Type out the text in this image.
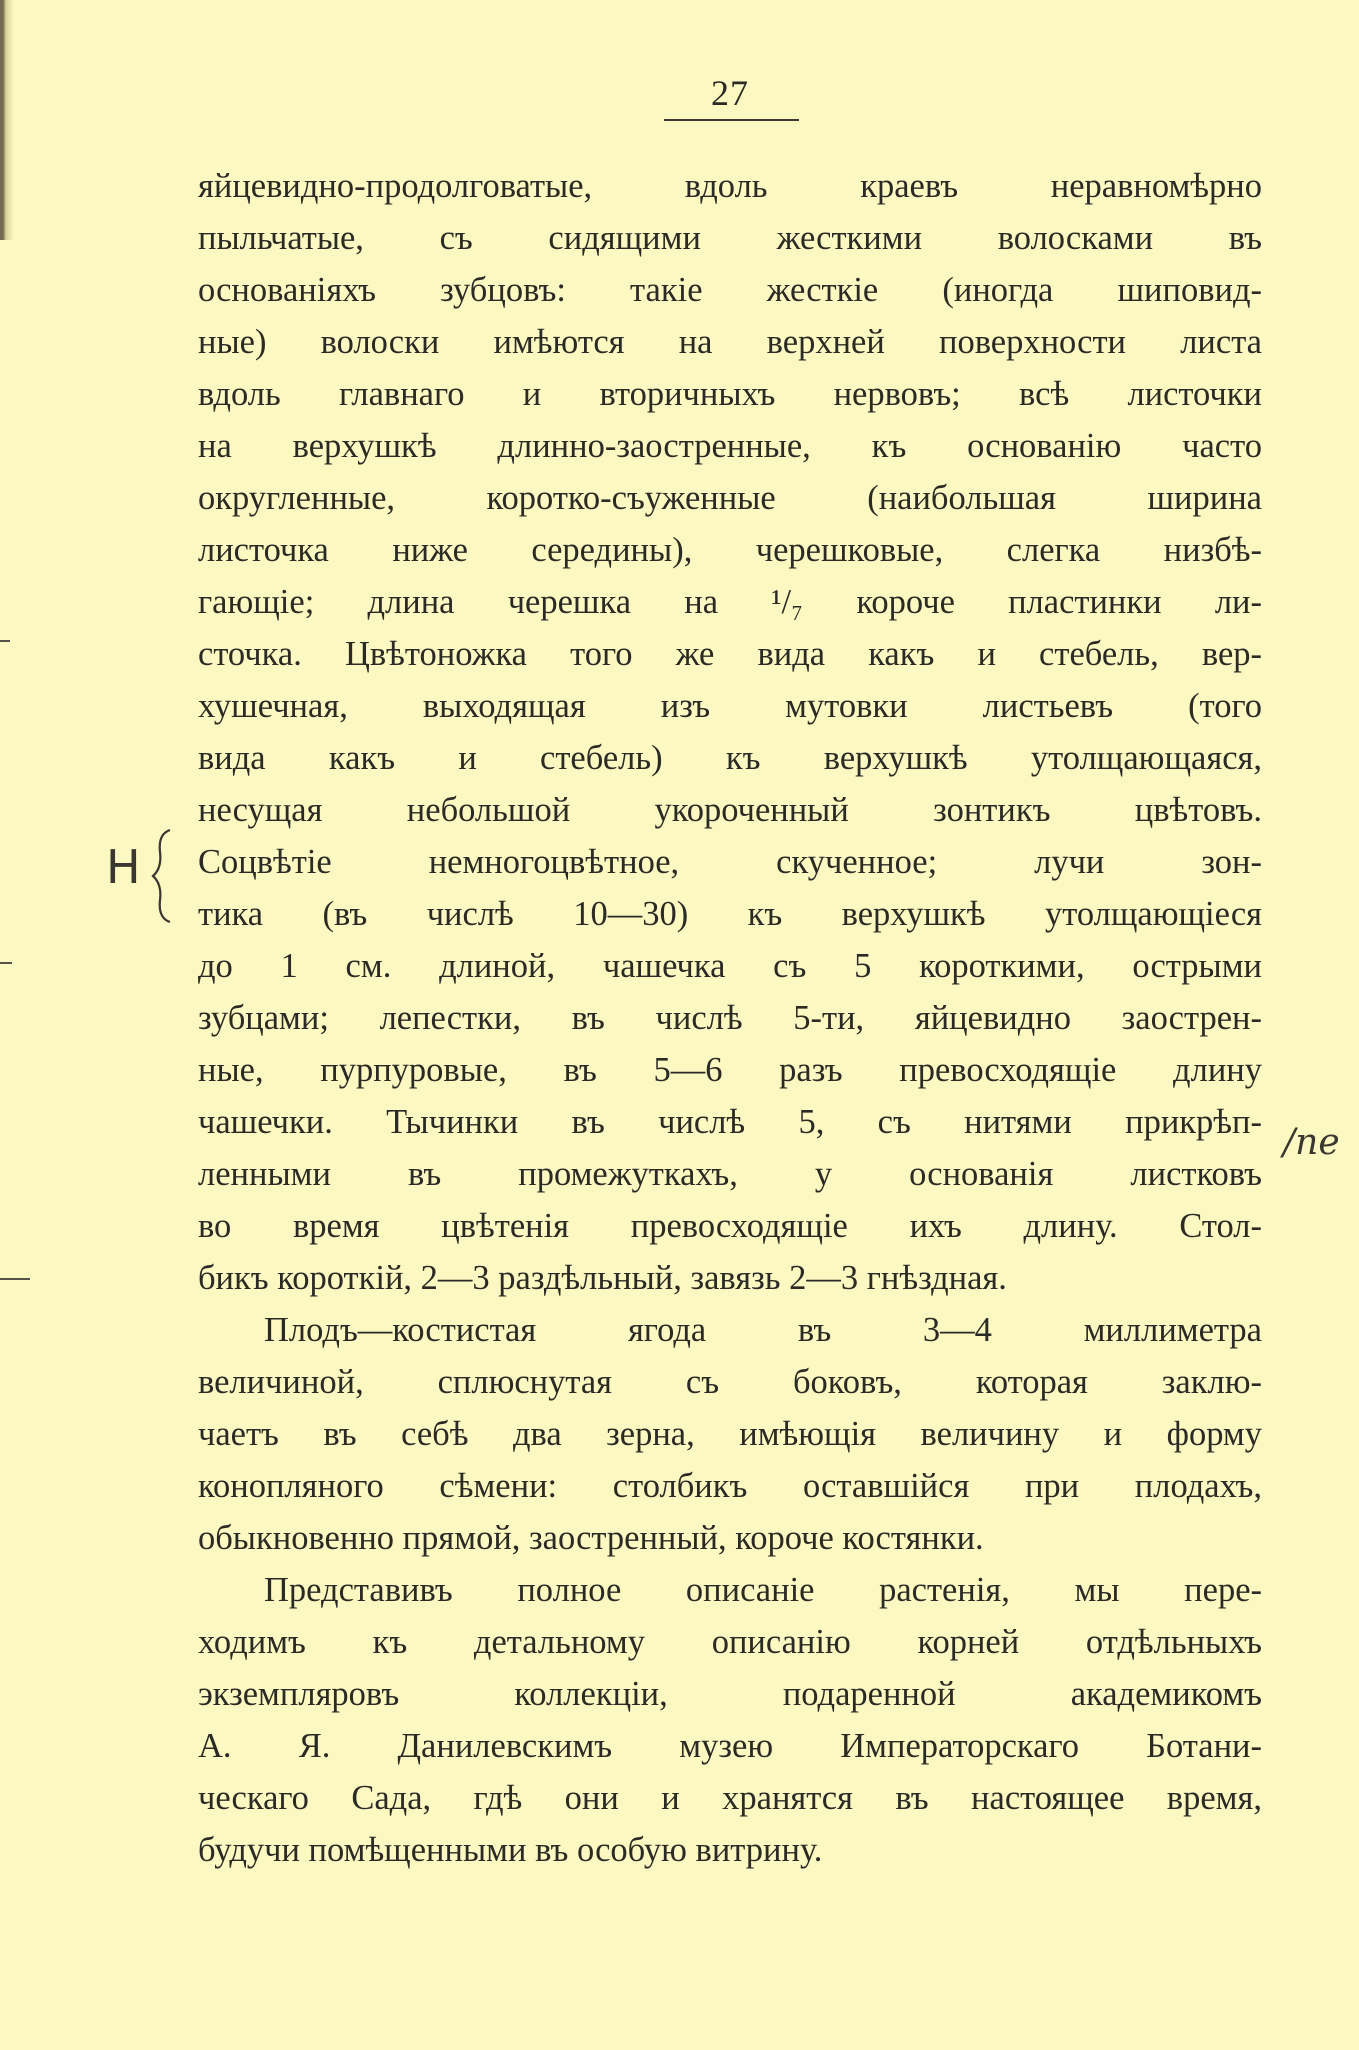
27
H
/пе
яйцевидно-продолговатые, вдоль краевъ неравномѣрно
пыльчатые, съ сидящими жесткими волосками въ
основаніяхъ зубцовъ: такіе жесткіе (иногда шиповид-
ные) волоски имѣются на верхней поверхности листа
вдоль главнаго и вторичныхъ нервовъ; всѣ листочки
на верхушкѣ длинно-заостренные, къ основанію часто
округленные, коротко-съуженные (наибольшая ширина
листочка ниже середины), черешковые, слегка низбѣ-
гающіе; длина черешка на ¹/₇ короче пластинки ли-
сточка. Цвѣтоножка того же вида какъ и стебель, вер-
хушечная, выходящая изъ мутовки листьевъ (того
вида какъ и стебель) къ верхушкѣ утолщающаяся,
несущая небольшой укороченный зонтикъ цвѣтовъ.
Соцвѣтіе немногоцвѣтное, скученное; лучи зон-
тика (въ числѣ 10—30) къ верхушкѣ утолщающіеся
до 1 см. длиной, чашечка съ 5 короткими, острыми
зубцами; лепестки, въ числѣ 5-ти, яйцевидно заострен-
ные, пурпуровые, въ 5—6 разъ превосходящіе длину
чашечки. Тычинки въ числѣ 5, съ нитями прикрѣп-
ленными въ промежуткахъ, у основанія листковъ
во время цвѣтенія превосходящіе ихъ длину. Стол-
бикъ короткій, 2—3 раздѣльный, завязь 2—3 гнѣздная.
Плодъ—костистая ягода въ 3—4 миллиметра
величиной, сплюснутая съ боковъ, которая заклю-
чаетъ въ себѣ два зерна, имѣющія величину и форму
конопляного сѣмени: столбикъ оставшійся при плодахъ,
обыкновенно прямой, заостренный, короче костянки.
Представивъ полное описаніе растенія, мы пере-
ходимъ къ детальному описанію корней отдѣльныхъ
экземпляровъ коллекціи, подаренной академикомъ
А. Я. Данилевскимъ музею Императорскаго Ботани-
ческаго Сада, гдѣ они и хранятся въ настоящее время,
будучи помѣщенными въ особую витрину.
